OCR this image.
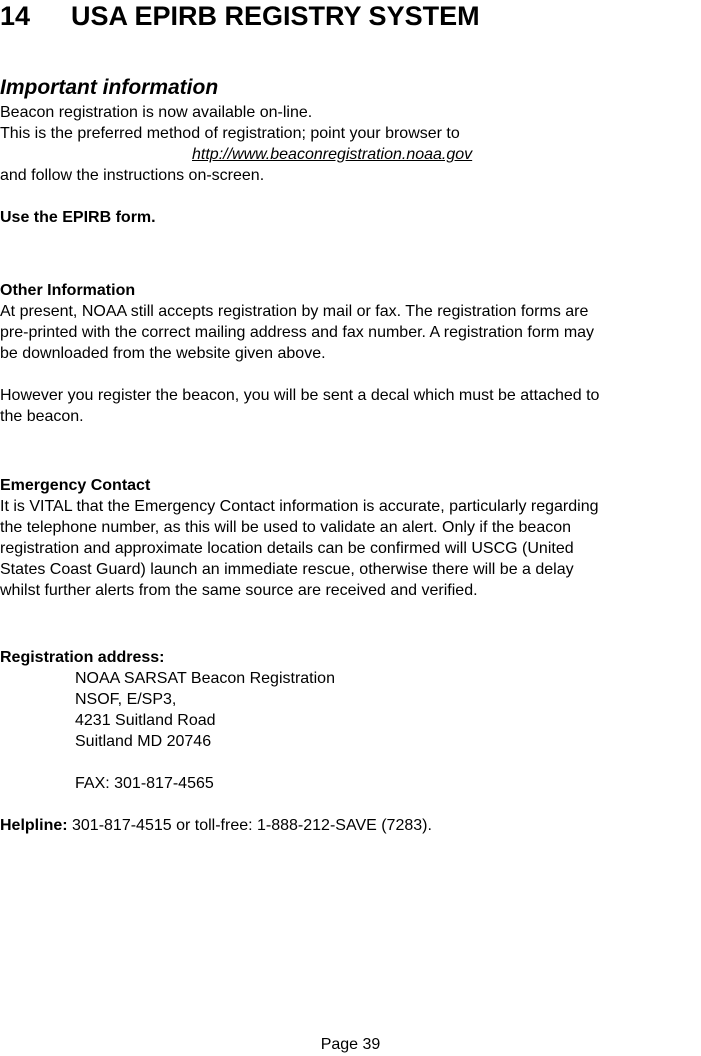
14 USA EPIRB REGISTRY SYSTEM
Important information
Beacon registration is now available on-line.
This is the preferred method of registration; point your browser to
http://www.beaconregistration.noaa.gov
and follow the instructions on-screen.
Use the EPIRB form.
Other Information
At present, NOAA still accepts registration by mail or fax. The registration forms are
pre-printed with the correct mailing address and fax number. A registration form may
be downloaded from the website given above.
However you register the beacon, you will be sent a decal which must be attached to
the beacon.
Emergency Contact
It is VITAL that the Emergency Contact information is accurate, particularly regarding
the telephone number, as this will be used to validate an alert. Only if the beacon
registration and approximate location details can be confirmed will USCG (United
States Coast Guard) launch an immediate rescue, otherwise there will be a delay
whilst further alerts from the same source are received and verified.
Registration address:
NOAA SARSAT Beacon Registration
NSOF, E/SP3,
4231 Suitland Road
Suitland MD 20746
FAX: 301-817-4565
Helpline: 301-817-4515 or toll-free: 1-888-212-SAVE (7283).
Page 39
